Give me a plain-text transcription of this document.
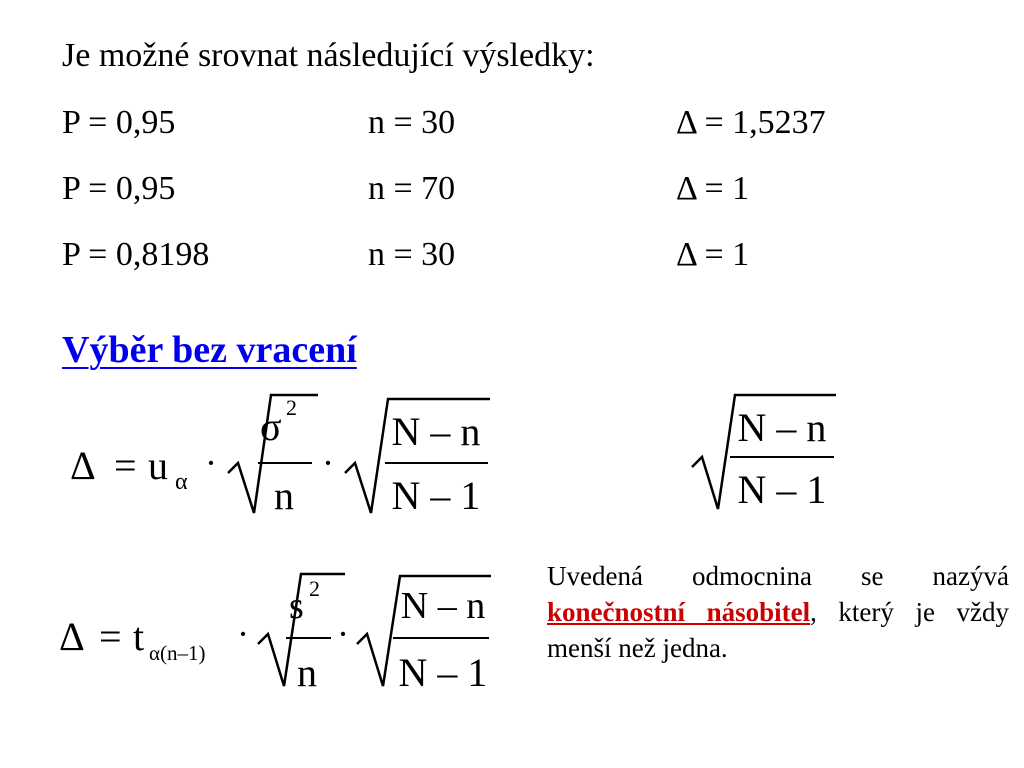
Je možné srovnat následující výsledky:
P = 0,95	n = 30	Δ = 1,5237
P = 0,95	n = 70	Δ = 1
P = 0,8198	n = 30	Δ = 1
Výběr bez vracení
Δ = u α ·
σ 2
n
·
N – n
N – 1
N – n
N – 1
Δ = t α(n–1) ·
s 2
n
·
N – n
N – 1
Uvedená odmocnina se nazývá konečnostní násobitel, který je vždy menší než jedna.
